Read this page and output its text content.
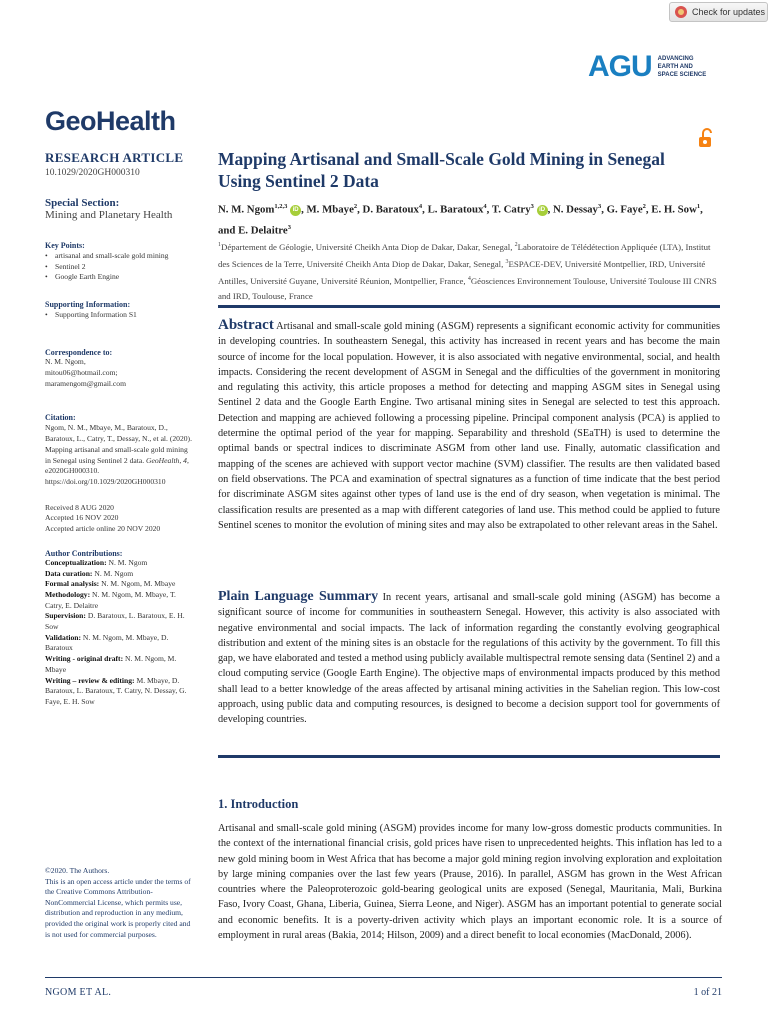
Check for updates
AGU ADVANCING
EARTH AND
SPACE SCIENCE
GeoHealth
RESEARCH ARTICLE
10.1029/2020GH000310
Special Section:
Mining and Planetary Health
Key Points:
• artisanal and small-scale gold mining
• Sentinel 2
• Google Earth Engine
Supporting Information:
• Supporting Information S1
Correspondence to:
N. M. Ngom,
mitou06@hotmail.com;
maramengom@gmail.com
Citation:
Ngom, N. M., Mbaye, M., Baratoux, D., Baratoux, L., Catry, T., Dessay, N., et al. (2020). Mapping artisanal and small-scale gold mining in Senegal using Sentinel 2 data. GeoHealth, 4, e2020GH000310. https://doi.org/10.1029/2020GH000310
Received 8 AUG 2020
Accepted 16 NOV 2020
Accepted article online 20 NOV 2020
Author Contributions:
Conceptualization: N. M. Ngom
Data curation: N. M. Ngom
Formal analysis: N. M. Ngom, M. Mbaye
Methodology: N. M. Ngom, M. Mbaye, T. Catry, E. Delaitre
Supervision: D. Baratoux, L. Baratoux, E. H. Sow
Validation: N. M. Ngom, M. Mbaye, D. Baratoux
Writing - original draft: N. M. Ngom, M. Mbaye
Writing – review & editing: M. Mbaye, D. Baratoux, L. Baratoux, T. Catry, N. Dessay, G. Faye, E. H. Sow
Mapping Artisanal and Small-Scale Gold Mining in Senegal Using Sentinel 2 Data
N. M. Ngom$^{1,2,3}$ iD , M. Mbaye$^2$, D. Baratoux$^4$, L. Baratoux$^4$, T. Catry$^3$ iD , N. Dessay$^3$, G. Faye$^2$, E. H. Sow$^1$, and E. Delaitre$^3$
$^1$Département de Géologie, Université Cheikh Anta Diop de Dakar, Dakar, Senegal, $^2$Laboratoire de Télédétection Appliquée (LTA), Institut des Sciences de la Terre, Université Cheikh Anta Diop de Dakar, Dakar, Senegal, $^3$ESPACE-DEV, Université Montpellier, IRD, Université Antilles, Université Guyane, Université Réunion, Montpellier, France, $^4$Géosciences Environnement Toulouse, Université Toulouse III CNRS and IRD, Toulouse, France
Abstract Artisanal and small-scale gold mining (ASGM) represents a significant economic activity for communities in developing countries. In southeastern Senegal, this activity has increased in recent years and has become the main source of income for the local population. However, it is also associated with negative environmental, social, and health impacts. Considering the recent development of ASGM in Senegal and the difficulties of the government in monitoring and regulating this activity, this article proposes a method for detecting and mapping ASGM sites in Senegal using Sentinel 2 data and the Google Earth Engine. Two artisanal mining sites in Senegal are selected to test this approach. Detection and mapping are achieved following a processing pipeline. Principal component analysis (PCA) is applied to determine the optimal period of the year for mapping. Separability and threshold (SEaTH) is used to determine the optimal bands or spectral indices to discriminate ASGM from other land use. Finally, automatic classification and mapping of the scenes are achieved with support vector machine (SVM) classifier. The results are then validated based on field observations. The PCA and examination of spectral signatures as a function of time indicate that the best period for discriminate ASGM sites against other types of land use is the end of dry season, when vegetation is minimal. The classification results are presented as a map with different categories of land use. This method could be applied to future Sentinel scenes to monitor the evolution of mining sites and may also be extrapolated to other relevant areas in the Sahel.
Plain Language Summary In recent years, artisanal and small-scale gold mining (ASGM) has become a significant source of income for communities in southeastern Senegal. However, this activity is also associated with negative environmental and social impacts. The lack of information regarding the constantly evolving geographical distribution and extent of the mining sites is an obstacle for the regulations of this activity by the government. To fill this gap, we have elaborated and tested a method using publicly available multispectral remote sensing data (Sentinel 2) and a cloud computing service (Google Earth Engine). The objective maps of environmental impacts produced by this method shall lead to a better knowledge of the areas affected by artisanal mining activities in the Sahelian region. This low-cost approach, using public data and computing resources, is designed to become a decision support tool for governments of developing countries.
1. Introduction
Artisanal and small-scale gold mining (ASGM) provides income for many low-gross domestic products communities. In the context of the international financial crisis, gold prices have risen to unprecedented heights. This inflation has led to a new gold mining boom in West Africa that has become a major gold mining region involving exploration and exploitation by large mining companies over the last few years (Prause, 2016). In parallel, ASGM has grown in the West African countries where the Paleoproterozoic gold-bearing geological units are exposed (Senegal, Mauritania, Mali, Burkina Faso, Ivory Coast, Ghana, Liberia, Guinea, Sierra Leone, and Niger). ASGM has an important potential to generate social and economic benefits. It is a poverty-driven activity which plays an important economic role. It is a source of employment in rural areas (Bakia, 2014; Hilson, 2009) and a direct benefit to local economies (MacDonald, 2006).
©2020. The Authors.
This is an open access article under the terms of the Creative Commons Attribution-NonCommercial License, which permits use, distribution and reproduction in any medium, provided the original work is properly cited and is not used for commercial purposes.
NGOM ET AL.	1 of 21
